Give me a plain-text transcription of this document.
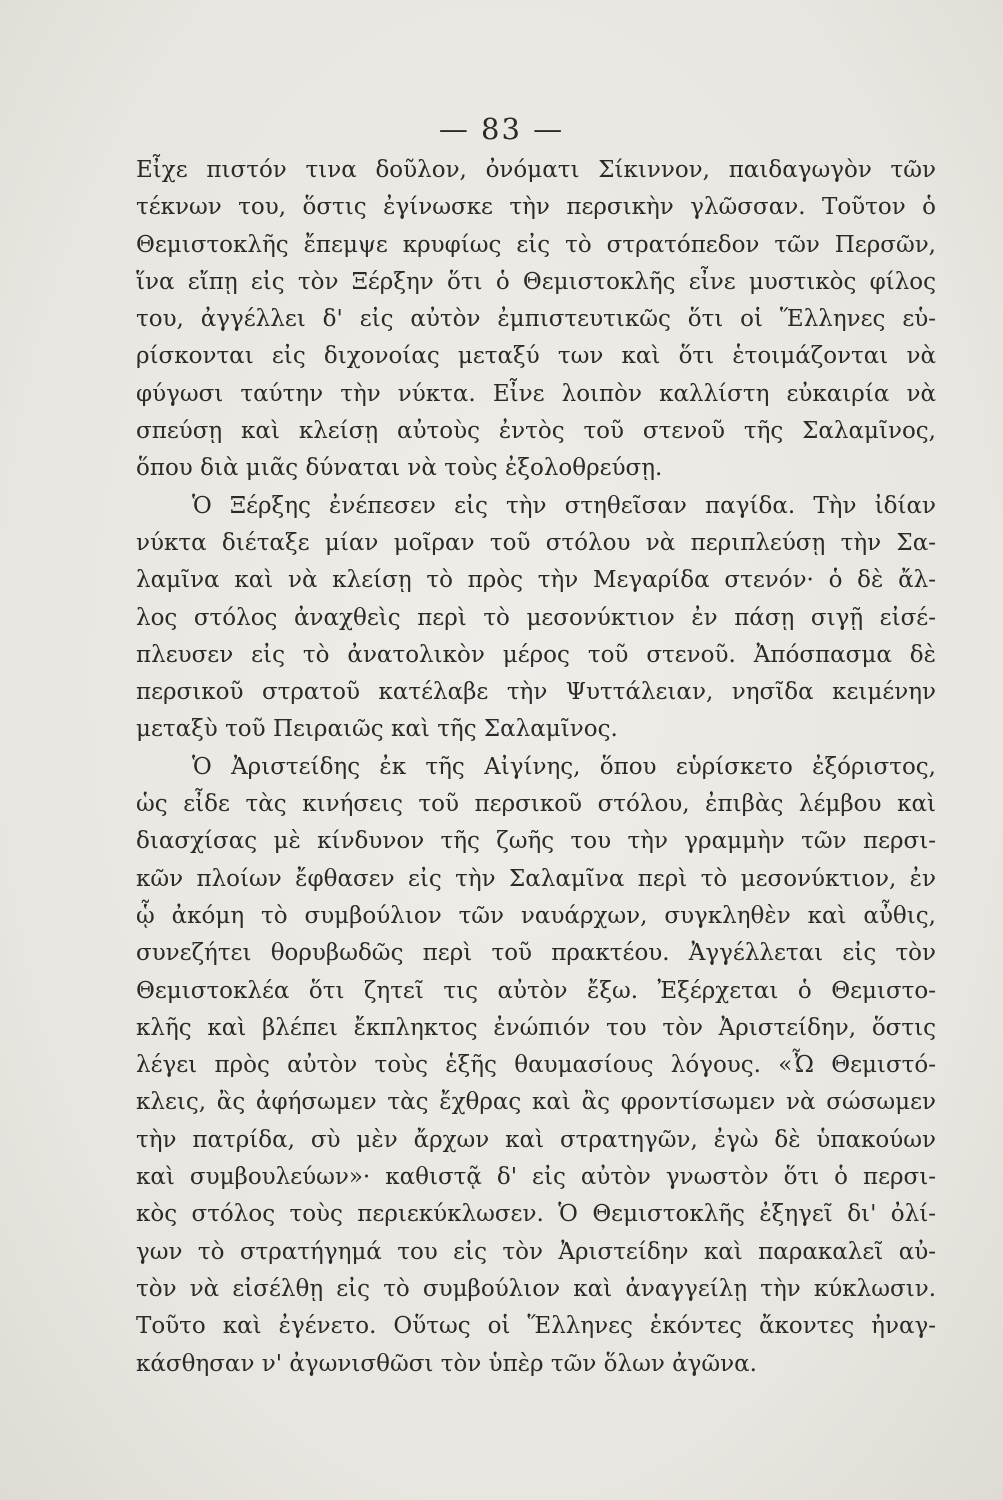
— 83 —
Εἶχε πιστόν τινα δοῦλον, ὀνόματι Σίκιννον, παιδαγωγὸν τῶν
τέκνων του, ὅστις ἐγίνωσκε τὴν περσικὴν γλῶσσαν. Τοῦτον ὁ
Θεμιστοκλῆς ἔπεμψε κρυφίως εἰς τὸ στρατόπεδον τῶν Περσῶν,
ἵνα εἴπῃ εἰς τὸν Ξέρξην ὅτι ὁ Θεμιστοκλῆς εἶνε μυστικὸς φίλος
του, ἀγγέλλει δ' εἰς αὐτὸν ἐμπιστευτικῶς ὅτι οἱ Ἕλληνες εὑ-
ρίσκονται εἰς διχονοίας μεταξύ των καὶ ὅτι ἑτοιμάζονται νὰ
φύγωσι ταύτην τὴν νύκτα. Εἶνε λοιπὸν καλλίστη εὐκαιρία νὰ
σπεύσῃ καὶ κλείσῃ αὐτοὺς ἐντὸς τοῦ στενοῦ τῆς Σαλαμῖνος,
ὅπου διὰ μιᾶς δύναται νὰ τοὺς ἐξολοθρεύσῃ.
Ὁ Ξέρξης ἐνέπεσεν εἰς τὴν στηθεῖσαν παγίδα. Τὴν ἰδίαν
νύκτα διέταξε μίαν μοῖραν τοῦ στόλου νὰ περιπλεύσῃ τὴν Σα-
λαμῖνα καὶ νὰ κλείσῃ τὸ πρὸς τὴν Μεγαρίδα στενόν· ὁ δὲ ἄλ-
λος στόλος ἀναχθεὶς περὶ τὸ μεσονύκτιον ἐν πάσῃ σιγῇ εἰσέ-
πλευσεν εἰς τὸ ἀνατολικὸν μέρος τοῦ στενοῦ. Ἀπόσπασμα δὲ
περσικοῦ στρατοῦ κατέλαβε τὴν Ψυττάλειαν, νησῖδα κειμένην
μεταξὺ τοῦ Πειραιῶς καὶ τῆς Σαλαμῖνος.
Ὁ Ἀριστείδης ἐκ τῆς Αἰγίνης, ὅπου εὑρίσκετο ἐξόριστος,
ὡς εἶδε τὰς κινήσεις τοῦ περσικοῦ στόλου, ἐπιβὰς λέμβου καὶ
διασχίσας μὲ κίνδυνον τῆς ζωῆς του τὴν γραμμὴν τῶν περσι-
κῶν πλοίων ἔφθασεν εἰς τὴν Σαλαμῖνα περὶ τὸ μεσονύκτιον, ἐν
ᾧ ἀκόμη τὸ συμβούλιον τῶν ναυάρχων, συγκληθὲν καὶ αὖθις,
συνεζήτει θορυβωδῶς περὶ τοῦ πρακτέου. Ἀγγέλλεται εἰς τὸν
Θεμιστοκλέα ὅτι ζητεῖ τις αὐτὸν ἔξω. Ἐξέρχεται ὁ Θεμιστο-
κλῆς καὶ βλέπει ἔκπληκτος ἐνώπιόν του τὸν Ἀριστείδην, ὅστις
λέγει πρὸς αὐτὸν τοὺς ἑξῆς θαυμασίους λόγους. «Ὦ Θεμιστό-
κλεις, ἂς ἀφήσωμεν τὰς ἔχθρας καὶ ἂς φροντίσωμεν νὰ σώσωμεν
τὴν πατρίδα, σὺ μὲν ἄρχων καὶ στρατηγῶν, ἐγὼ δὲ ὑπακούων
καὶ συμβουλεύων»· καθιστᾷ δ' εἰς αὐτὸν γνωστὸν ὅτι ὁ περσι-
κὸς στόλος τοὺς περιεκύκλωσεν. Ὁ Θεμιστοκλῆς ἐξηγεῖ δι' ὀλί-
γων τὸ στρατήγημά του εἰς τὸν Ἀριστείδην καὶ παρακαλεῖ αὐ-
τὸν νὰ εἰσέλθῃ εἰς τὸ συμβούλιον καὶ ἀναγγείλῃ τὴν κύκλωσιν.
Τοῦτο καὶ ἐγένετο. Οὕτως οἱ Ἕλληνες ἑκόντες ἄκοντες ἠναγ-
κάσθησαν ν' ἀγωνισθῶσι τὸν ὑπὲρ τῶν ὅλων ἀγῶνα.
